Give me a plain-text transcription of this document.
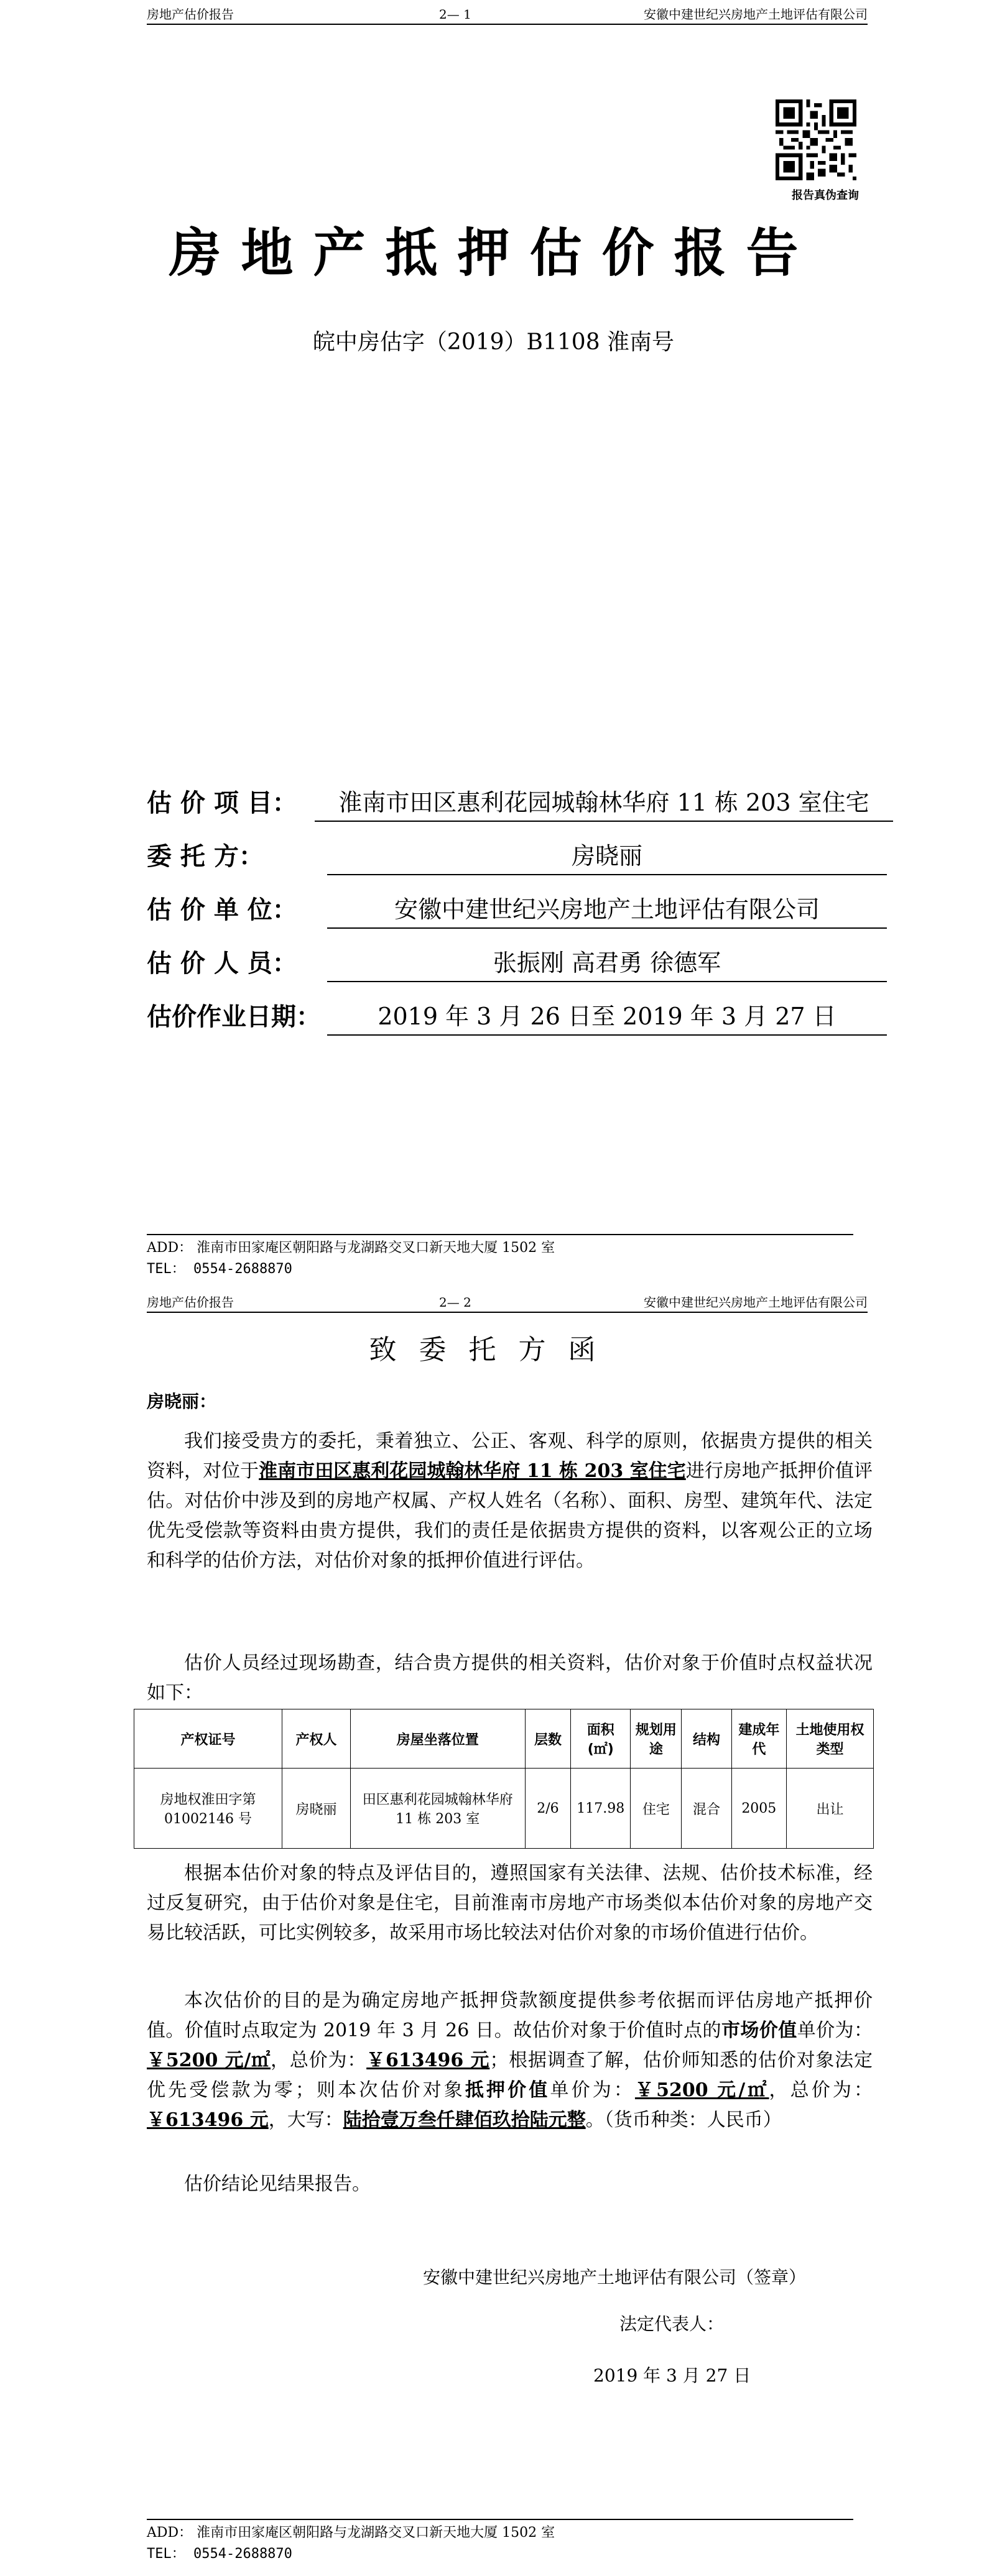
房地产估价报告	2— 1	安徽中建世纪兴房地产土地评估有限公司
报告真伪查询
房地产抵押估价报告
皖中房估字（2019）B1108 淮南号
估 价 项 目：	淮南市田区惠利花园城翰林华府 11 栋 203 室住宅
委 托 方：	房晓丽
估 价 单 位：	安徽中建世纪兴房地产土地评估有限公司
估 价 人 员：	张振刚 高君勇 徐德军
估价作业日期：	2019 年 3 月 26 日至 2019 年 3 月 27 日
ADD： 淮南市田家庵区朝阳路与龙湖路交叉口新天地大厦 1502 室
TEL： 0554-2688870
房地产估价报告	2— 2	安徽中建世纪兴房地产土地评估有限公司
致委托方函
房晓丽：
我们接受贵方的委托，秉着独立、公正、客观、科学的原则，依据贵方提供的相关资料，对位于淮南市田区惠利花园城翰林华府 11 栋 203 室住宅进行房地产抵押价值评估。对估价中涉及到的房地产权属、产权人姓名（名称）、面积、房型、建筑年代、法定优先受偿款等资料由贵方提供，我们的责任是依据贵方提供的资料，以客观公正的立场和科学的估价方法，对估价对象的抵押价值进行评估。
估价人员经过现场勘查，结合贵方提供的相关资料，估价对象于价值时点权益状况如下：
产权证号	产权人	房屋坐落位置	层数	面积(㎡)	规划用途	结构	建成年代	土地使用权类型
房地权淮田字第 01002146 号	房晓丽	田区惠利花园城翰林华府 11 栋 203 室	2/6	117.98	住宅	混合	2005	出让
根据本估价对象的特点及评估目的，遵照国家有关法律、法规、估价技术标准，经过反复研究，由于估价对象是住宅，目前淮南市房地产市场类似本估价对象的房地产交易比较活跃，可比实例较多，故采用市场比较法对估价对象的市场价值进行估价。
本次估价的目的是为确定房地产抵押贷款额度提供参考依据而评估房地产抵押价值。价值时点取定为 2019 年 3 月 26 日。故估价对象于价值时点的市场价值单价为：￥5200 元/㎡，总价为：￥613496 元；根据调查了解，估价师知悉的估价对象法定优先受偿款为零；则本次估价对象抵押价值单价为：￥5200 元/㎡，总价为：￥613496 元，大写：陆拾壹万叁仟肆佰玖拾陆元整。（货币种类：人民币）
估价结论见结果报告。
安徽中建世纪兴房地产土地评估有限公司（签章）
法定代表人：
2019 年 3 月 27 日
ADD： 淮南市田家庵区朝阳路与龙湖路交叉口新天地大厦 1502 室
TEL： 0554-2688870
